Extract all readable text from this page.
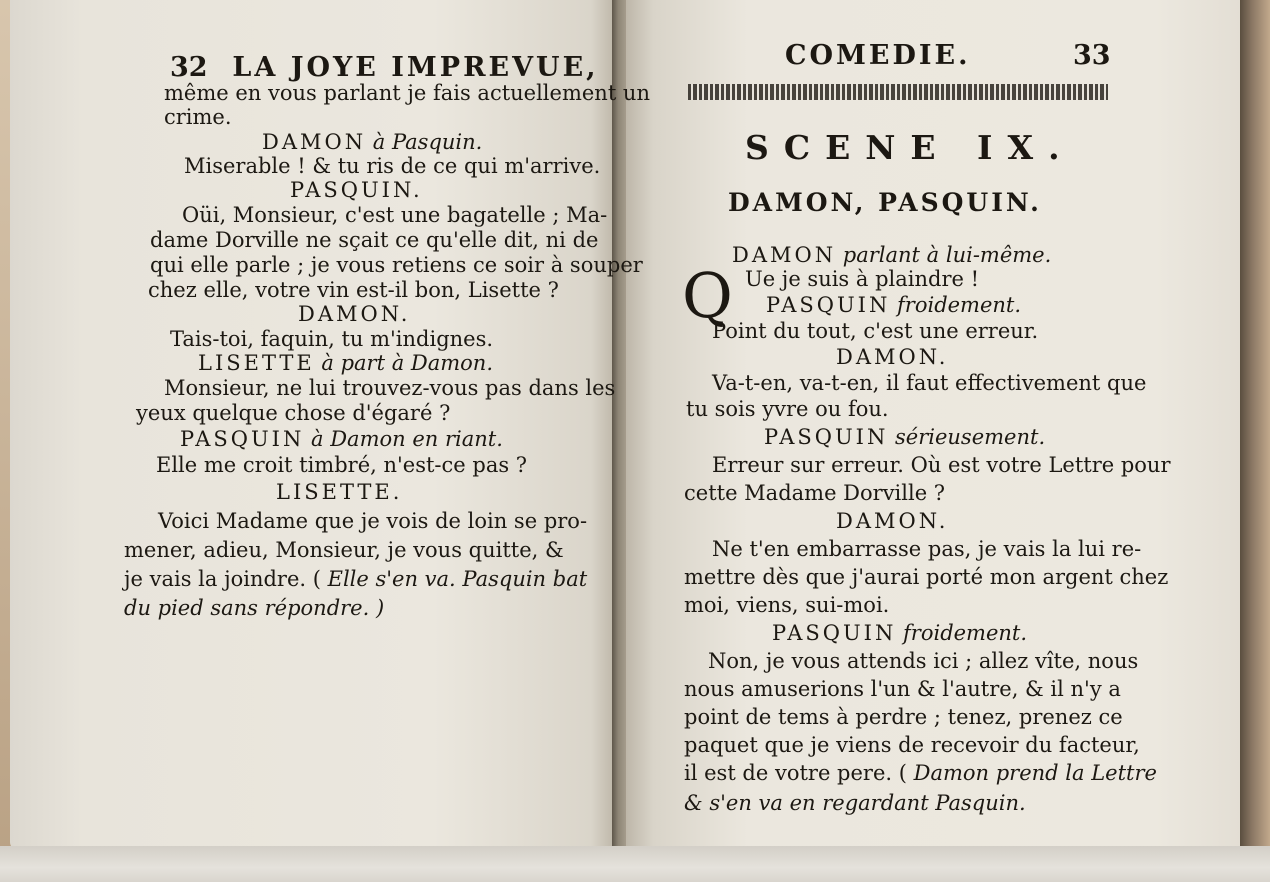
32 LA JOYE IMPREVUE,
même en vous parlant je fais actuellement un
crime.
DAMON à Pasquin.
Miserable ! & tu ris de ce qui m'arrive.
PASQUIN.
Oüi, Monsieur, c'est une bagatelle ; Ma-
dame Dorville ne sçait ce qu'elle dit, ni de
qui elle parle ; je vous retiens ce soir à souper
chez elle, votre vin est-il bon, Lisette ?
DAMON.
Tais-toi, faquin, tu m'indignes.
LISETTE à part à Damon.
Monsieur, ne lui trouvez-vous pas dans les
yeux quelque chose d'égaré ?
PASQUIN à Damon en riant.
Elle me croit timbré, n'est-ce pas ?
LISETTE.
Voici Madame que je vois de loin se pro-
mener, adieu, Monsieur, je vous quitte, &
je vais la joindre. ( Elle s'en va. Pasquin bat
du pied sans répondre. )
COMEDIE.	33
SCENE IX.
DAMON, PASQUIN.
DAMON parlant à lui-même.
Ue je suis à plaindre !
PASQUIN froidement.
Point du tout, c'est une erreur.
DAMON.
Va-t-en, va-t-en, il faut effectivement que
tu sois yvre ou fou.
PASQUIN sérieusement.
Erreur sur erreur. Où est votre Lettre pour
cette Madame Dorville ?
DAMON.
Ne t'en embarrasse pas, je vais la lui re-
mettre dès que j'aurai porté mon argent chez
moi, viens, sui-moi.
PASQUIN froidement.
Non, je vous attends ici ; allez vîte, nous
nous amuserions l'un & l'autre, & il n'y a
point de tems à perdre ; tenez, prenez ce
paquet que je viens de recevoir du facteur,
il est de votre pere. ( Damon prend la Lettre
& s'en va en regardant Pasquin.
Q
